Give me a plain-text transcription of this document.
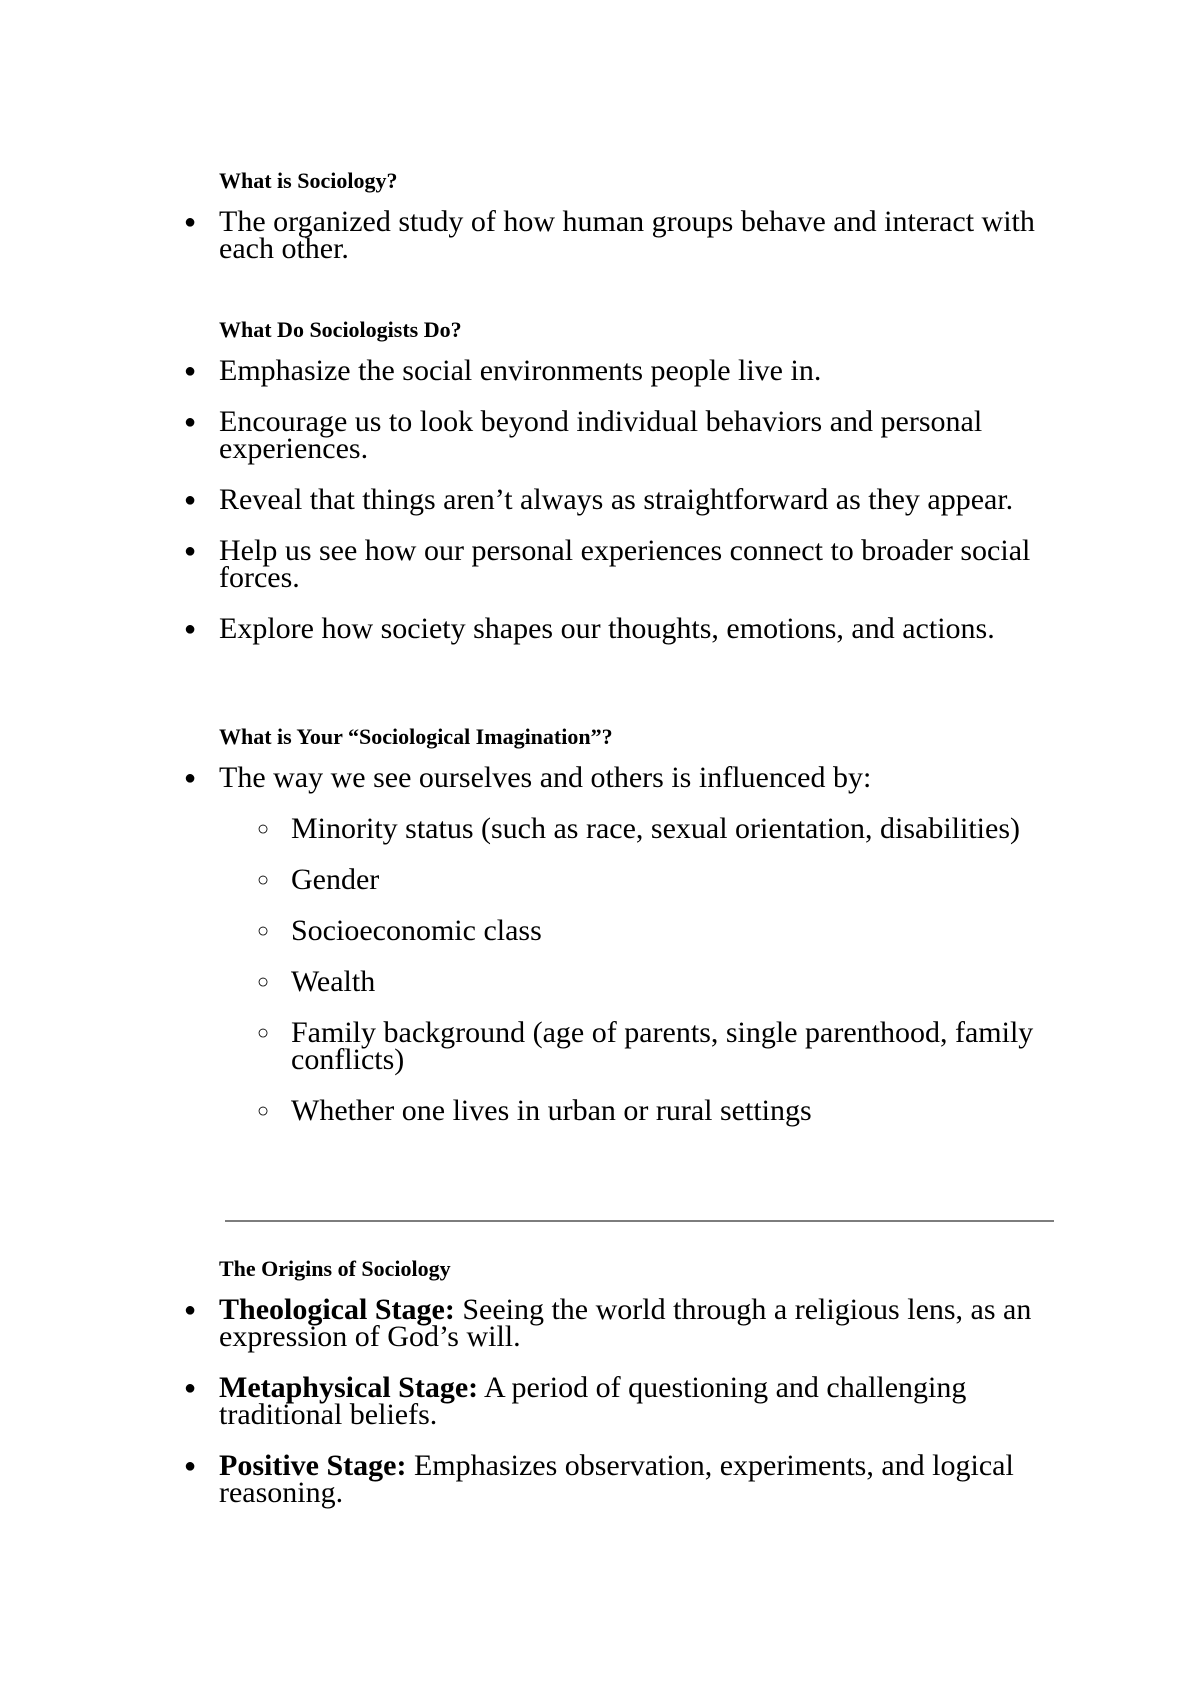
What is Sociology?
● The organized study of how human groups behave and interact with each other.
What Do Sociologists Do?
● Emphasize the social environments people live in.
● Encourage us to look beyond individual behaviors and personal experiences.
● Reveal that things aren’t always as straightforward as they appear.
● Help us see how our personal experiences connect to broader social forces.
● Explore how society shapes our thoughts, emotions, and actions.
What is Your “Sociological Imagination”?
● The way we see ourselves and others is influenced by:
○ Minority status (such as race, sexual orientation, disabilities)
○ Gender
○ Socioeconomic class
○ Wealth
○ Family background (age of parents, single parenthood, family conflicts)
○ Whether one lives in urban or rural settings
The Origins of Sociology
● Theological Stage: Seeing the world through a religious lens, as an expression of God’s will.
● Metaphysical Stage: A period of questioning and challenging traditional beliefs.
● Positive Stage: Emphasizes observation, experiments, and logical reasoning.
